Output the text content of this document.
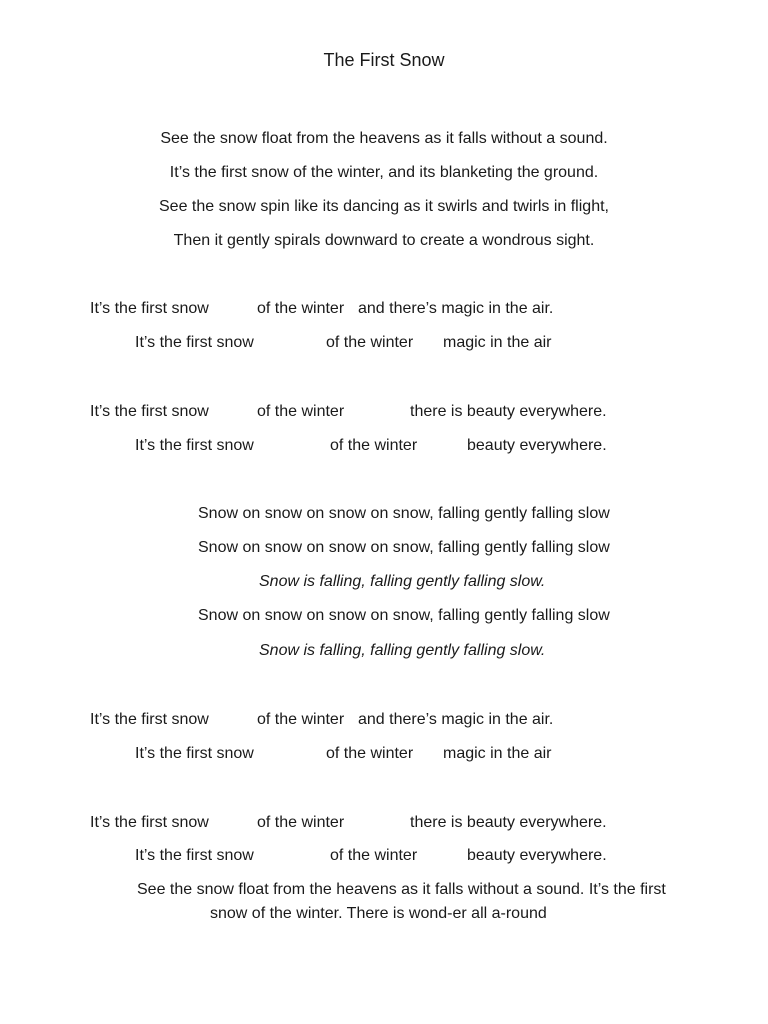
The First Snow
See the snow float from the heavens as it falls without a sound.
It’s the first snow of the winter, and its blanketing the ground.
See the snow spin like its dancing as it swirls and twirls in flight,
Then it gently spirals downward to create a wondrous sight.
It’s the first snow	of the winter and there’s magic in the air.
It’s the first snow	of the winter magic in the air
It’s the first snow	of the winter	there is beauty everywhere.
It’s the first snow	of the winter	beauty everywhere.
Snow on snow on snow on snow, falling gently falling slow
Snow on snow on snow on snow, falling gently falling slow
Snow is falling, falling gently falling slow.
Snow on snow on snow on snow, falling gently falling slow
Snow is falling, falling gently falling slow.
It’s the first snow	of the winter and there’s magic in the air.
It’s the first snow	of the winter magic in the air
It’s the first snow	of the winter	there is beauty everywhere.
It’s the first snow	of the winter	beauty everywhere.
See the snow float from the heavens as it falls without a sound. It’s the first
snow of the winter. There is wond-er all a-round
